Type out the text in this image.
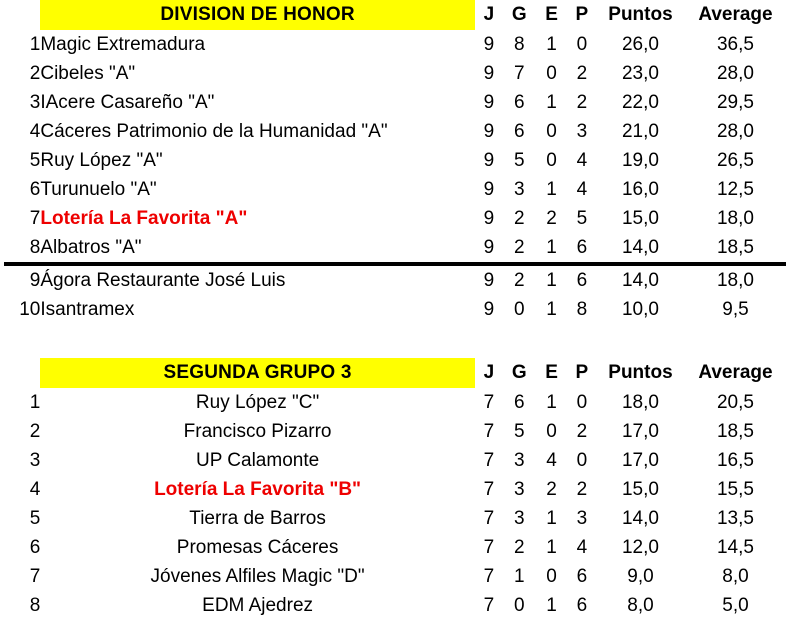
	DIVISION DE HONOR	J	G	E	P	Puntos	Average
1	Magic Extremadura	9	8	1	0	26,0	36,5
2	Cibeles "A"	9	7	0	2	23,0	28,0
3	IAcere Casareño "A"	9	6	1	2	22,0	29,5
4	Cáceres Patrimonio de la Humanidad "A"	9	6	0	3	21,0	28,0
5	Ruy López "A"	9	5	0	4	19,0	26,5
6	Turunuelo "A"	9	3	1	4	16,0	12,5
7	Lotería La Favorita "A"	9	2	2	5	15,0	18,0
8	Albatros "A"	9	2	1	6	14,0	18,5

9	Ágora Restaurante José Luis	9	2	1	6	14,0	18,0
10	Isantramex	9	0	1	8	10,0	9,5
	SEGUNDA GRUPO 3	J	G	E	P	Puntos	Average
1	Ruy López "C"	7	6	1	0	18,0	20,5
2	Francisco Pizarro	7	5	0	2	17,0	18,5
3	UP Calamonte	7	3	4	0	17,0	16,5
4	Lotería La Favorita "B"	7	3	2	2	15,0	15,5
5	Tierra de Barros	7	3	1	3	14,0	13,5
6	Promesas Cáceres	7	2	1	4	12,0	14,5
7	Jóvenes Alfiles Magic "D"	7	1	0	6	9,0	8,0
8	EDM Ajedrez	7	0	1	6	8,0	5,0
